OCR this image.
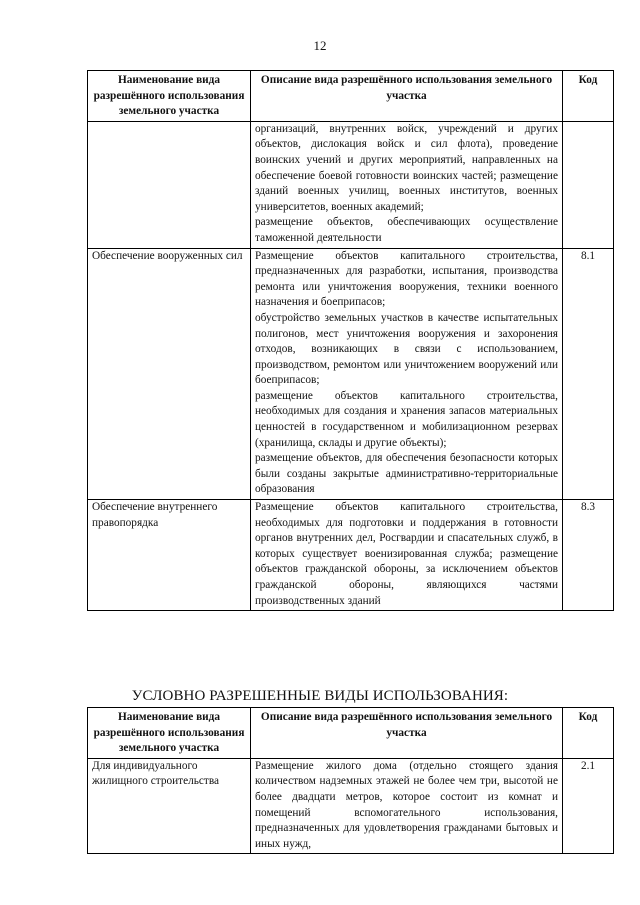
12
Наименование вида разрешённого использования земельного участка	Описание вида разрешённого использования земельного участка	Код

	организаций, внутренних войск, учреждений и других объектов, дислокация войск и сил флота), проведение воинских учений и других мероприятий, направленных на обеспечение боевой готовности воинских частей; размещение зданий военных училищ, военных институтов, военных университетов, военных академий;
размещение объектов, обеспечивающих осуществление таможенной деятельности	

Обеспечение вооруженных сил	Размещение объектов капитального строительства, предназначенных для разработки, испытания, производства ремонта или уничтожения вооружения, техники военного назначения и боеприпасов;
обустройство земельных участков в качестве испытательных полигонов, мест уничтожения вооружения и захоронения отходов, возникающих в связи с использованием, производством, ремонтом или уничтожением вооружений или боеприпасов;
размещение объектов капитального строительства, необходимых для создания и хранения запасов материальных ценностей в государственном и мобилизационном резервах (хранилища, склады и другие объекты);
размещение объектов, для обеспечения безопасности которых были созданы закрытые административно-территориальные образования	8.1
Обеспечение внутреннего правопорядка	Размещение объектов капитального строительства, необходимых для подготовки и поддержания в готовности органов внутренних дел, Росгвардии и спасательных служб, в которых существует военизированная служба; размещение объектов гражданской обороны, за исключением объектов гражданской обороны, являющихся частями производственных зданий	8.3
УСЛОВНО РАЗРЕШЕННЫЕ ВИДЫ ИСПОЛЬЗОВАНИЯ:
Наименование вида разрешённого использования земельного участка	Описание вида разрешённого использования земельного участка	Код
Для индивидуального жилищного строительства	Размещение жилого дома (отдельно стоящего здания количеством надземных этажей не более чем три, высотой не более двадцати метров, которое состоит из комнат и помещений вспомогательного использования, предназначенных для удовлетворения гражданами бытовых и иных нужд,	2.1
